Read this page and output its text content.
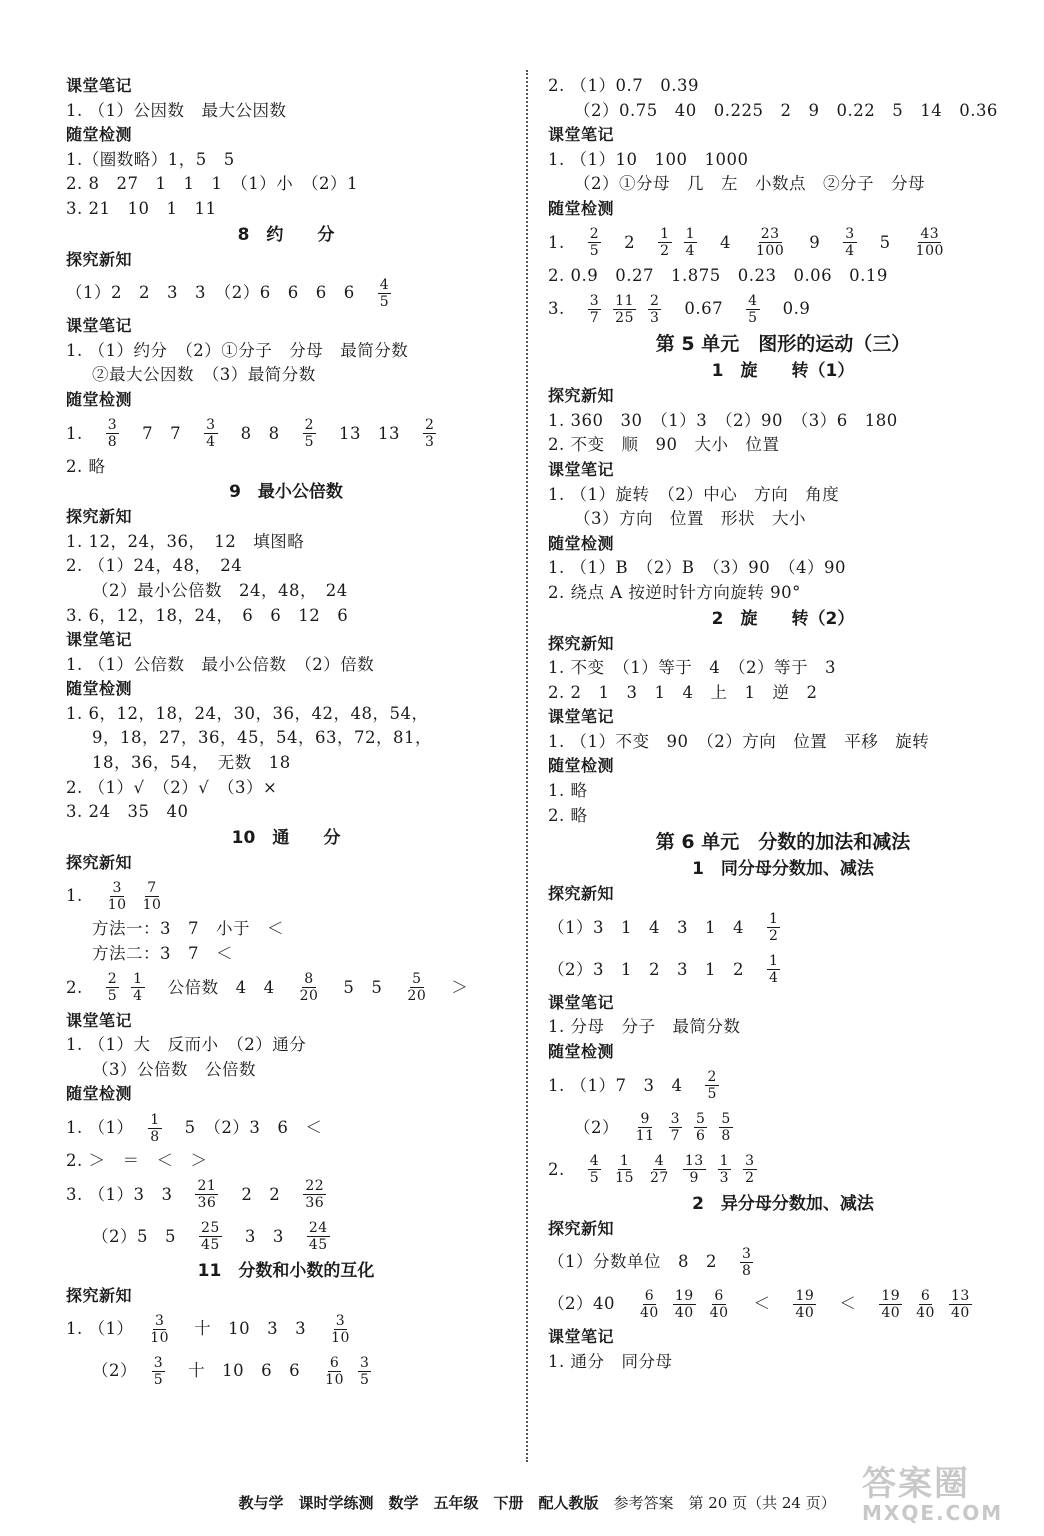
课堂笔记
1. （1）公因数　最大公因数
随堂检测
1.（圈数略）1，5　5
2. 8　27　1　1　1　（1）小　（2）1
3. 21　10　1　11
8　约　　分
探究新知
（1）2　2　3　3　（2）6　6　6　6　 $\frac{4}{5}$
课堂笔记
1. （1）约分　（2）①分子　分母　最简分数
②最大公因数　（3）最简分数
随堂检测
1.　 $\frac{3}{8}$ 　7　7　 $\frac{3}{4}$ 　8　8　 $\frac{2}{5}$ 　13　13　 $\frac{2}{3}$
2. 略
9　最小公倍数
探究新知
1. 12，24，36，　12　填图略
2. （1）24，48，　24
（2）最小公倍数　24，48，　24
3. 6，12，18，24，　6　6　12　6
课堂笔记
1. （1）公倍数　最小公倍数　（2）倍数
随堂检测
1. 6，12，18，24，30，36，42，48，54，
9，18，27，36，45，54，63，72，81，
18，36，54，　无数　18
2. （1）√　（2）√　（3）×
3. 24　35　40
10　通　　分
探究新知
1.　 $\frac{3}{10} \frac{7}{10}$
方法一：3　7　小于　＜
方法二：3　7　＜
2.　 $\frac{2}{5} \frac{1}{4}$ 　公倍数　4　4　 $\frac{8}{20}$ 　5　5　 $\frac{5}{20}$ 　＞　
课堂笔记
1. （1）大　反而小　（2）通分
（3）公倍数　公倍数
随堂检测
1. （1）　 $\frac{1}{8}$ 　5　（2）3　6　＜　
2. ＞　＝　＜　＞
3. （1）3　3　 $\frac{21}{36}$ 　2　2　 $\frac{22}{36}$
（2）5　5　 $\frac{25}{45}$ 　3　3　 $\frac{24}{45}$
11　分数和小数的互化
探究新知
1. （1）　 $\frac{3}{10}$ 　十　10　3　3　 $\frac{3}{10}$
（2）　 $\frac{3}{5}$ 　十　10　6　6　 $\frac{6}{10} \frac{3}{5}$
2. （1）0.7　0.39
（2）0.75　40　0.225　2　9　0.22　5　14　0.36
课堂笔记
1. （1）10　100　1000
（2）①分母　几　左　小数点　②分子　分母
随堂检测
1.　 $\frac{2}{5}$ 　2　 $\frac{1}{2} \frac{1}{4}$ 　4　 $\frac{23}{100}$ 　9　 $\frac{3}{4}$ 　5　 $\frac{43}{100}$
2. 0.9　0.27　1.875　0.23　0.06　0.19
3.　 $\frac{3}{7} \frac{11}{25} \frac{2}{3}$ 　0.67　 $\frac{4}{5}$ 　0.9　
第 5 单元　图形的运动（三）
1　旋　　转（1）
探究新知
1. 360　30　（1）3　（2）90　（3）6　180
2. 不变　顺　90　大小　位置
课堂笔记
1. （1）旋转　（2）中心　方向　角度
（3）方向　位置　形状　大小
随堂检测
1. （1）B　（2）B　（3）90　（4）90
2. 绕点 A 按逆时针方向旋转 90°
2　旋　　转（2）
探究新知
1. 不变　（1）等于　4　（2）等于　3
2. 2　1　3　1　4　上　1　逆　2
课堂笔记
1. （1）不变　90　（2）方向　位置　平移　旋转
随堂检测
1. 略
2. 略
第 6 单元　分数的加法和减法
1　同分母分数加、减法
探究新知
（1）3　1　4　3　1　4　 $\frac{1}{2}$
（2）3　1　2　3　1　2　 $\frac{1}{4}$
课堂笔记
1. 分母　分子　最简分数
随堂检测
1. （1）7　3　4　 $\frac{2}{5}$
（2）　 $\frac{9}{11} \frac{3}{7} \frac{5}{6} \frac{5}{8}$
2.　 $\frac{4}{5} \frac{1}{15} \frac{4}{27} \frac{13}{9} \frac{1}{3} \frac{3}{2}$
2　异分母分数加、减法
探究新知
（1）分数单位　8　2　 $\frac{3}{8}$
（2）40　 $\frac{6}{40} \frac{19}{40} \frac{6}{40}$ 　＜　 $\frac{19}{40}$ 　＜　 $\frac{19}{40} \frac{6}{40} \frac{13}{40}$
课堂笔记
1. 通分　同分母

教与学　课时学练测　数学　五年级　下册　配人教版　 参考答案　第 20 页（共 24 页） 答案圈
MXQE.COM
